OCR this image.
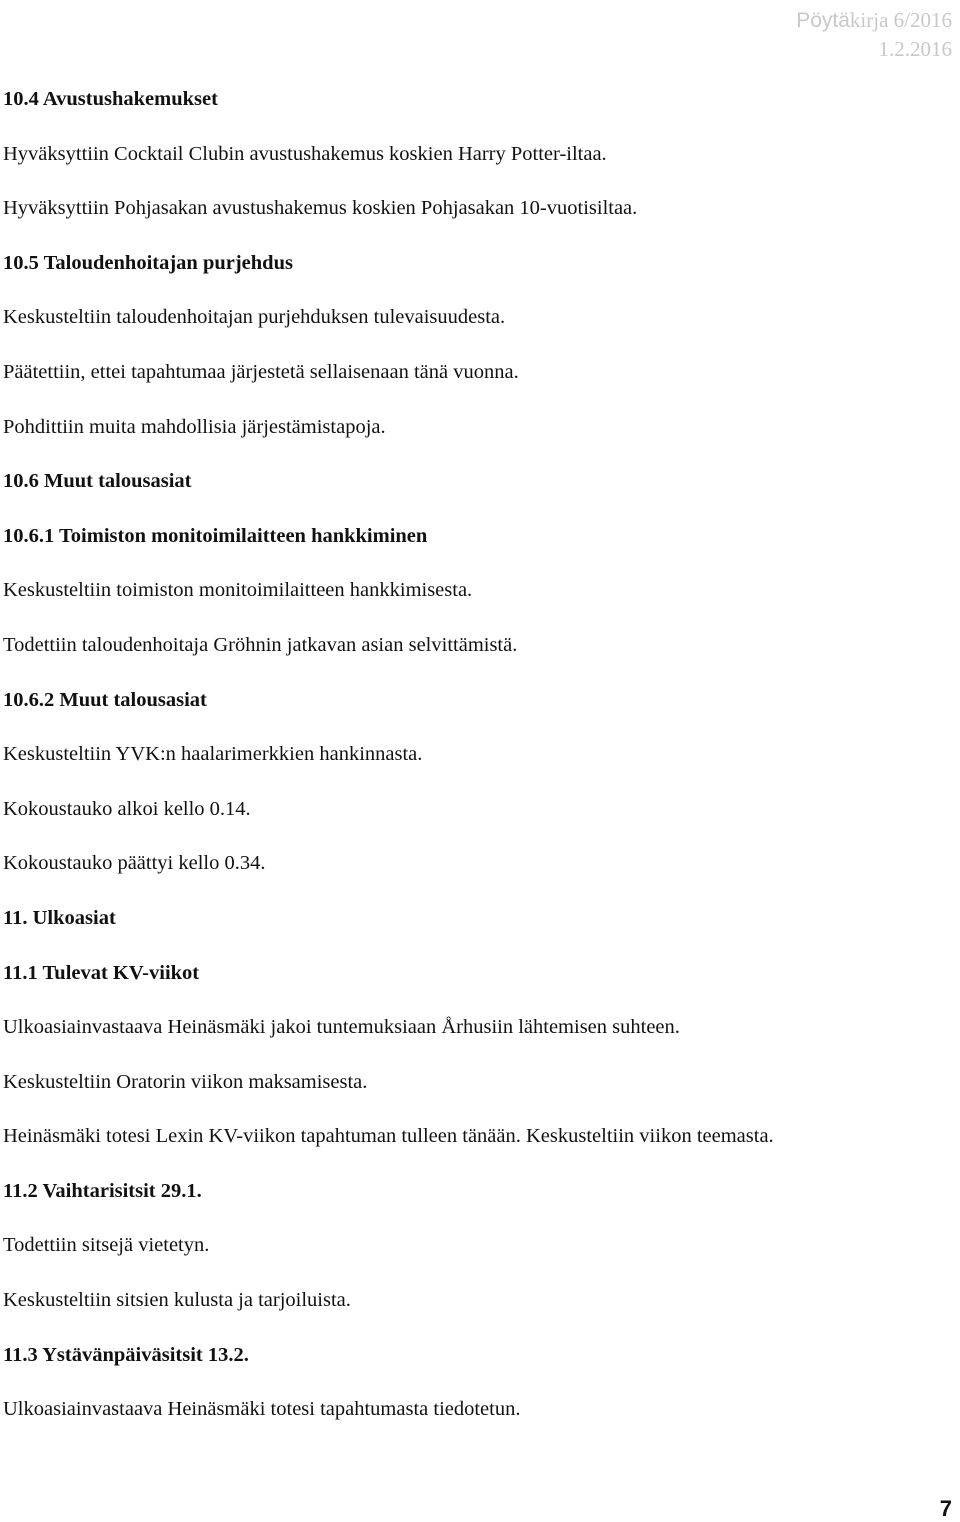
Pöytäkirja 6/2016
1.2.2016
10.4 Avustushakemukset
Hyväksyttiin Cocktail Clubin avustushakemus koskien Harry Potter-iltaa.
Hyväksyttiin Pohjasakan avustushakemus koskien Pohjasakan 10-vuotisiltaa.
10.5 Taloudenhoitajan purjehdus
Keskusteltiin taloudenhoitajan purjehduksen tulevaisuudesta.
Päätettiin, ettei tapahtumaa järjestetä sellaisenaan tänä vuonna.
Pohdittiin muita mahdollisia järjestämistapoja.
10.6 Muut talousasiat
10.6.1 Toimiston monitoimilaitteen hankkiminen
Keskusteltiin toimiston monitoimilaitteen hankkimisesta.
Todettiin taloudenhoitaja Gröhnin jatkavan asian selvittämistä.
10.6.2 Muut talousasiat
Keskusteltiin YVK:n haalarimerkkien hankinnasta.
Kokoustauko alkoi kello 0.14.
Kokoustauko päättyi kello 0.34.
11. Ulkoasiat
11.1 Tulevat KV-viikot
Ulkoasiainvastaava Heinäsmäki jakoi tuntemuksiaan Århusiin lähtemisen suhteen.
Keskusteltiin Oratorin viikon maksamisesta.
Heinäsmäki totesi Lexin KV-viikon tapahtuman tulleen tänään. Keskusteltiin viikon teemasta.
11.2 Vaihtarisitsit 29.1.
Todettiin sitsejä vietetyn.
Keskusteltiin sitsien kulusta ja tarjoiluista.
11.3 Ystävänpäiväsitsit 13.2.
Ulkoasiainvastaava Heinäsmäki totesi tapahtumasta tiedotetun.
7
